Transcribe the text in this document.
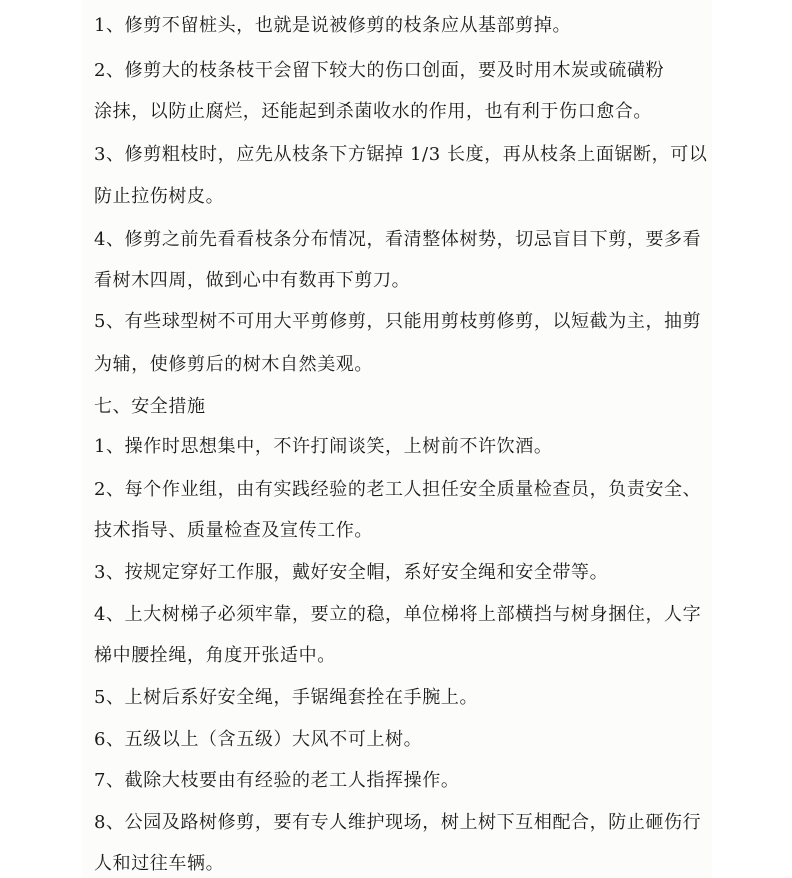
1、修剪不留桩头，也就是说被修剪的枝条应从基部剪掉。
2、修剪大的枝条枝干会留下较大的伤口创面，要及时用木炭或硫磺粉
涂抹，以防止腐烂，还能起到杀菌收水的作用，也有利于伤口愈合。
3、修剪粗枝时，应先从枝条下方锯掉 1/3 长度，再从枝条上面锯断，可以
防止拉伤树皮。
4、修剪之前先看看枝条分布情况，看清整体树势，切忌盲目下剪，要多看
看树木四周，做到心中有数再下剪刀。
5、有些球型树不可用大平剪修剪，只能用剪枝剪修剪，以短截为主，抽剪
为辅，使修剪后的树木自然美观。
七、安全措施
1、操作时思想集中，不许打闹谈笑，上树前不许饮酒。
2、每个作业组，由有实践经验的老工人担任安全质量检查员，负责安全、
技术指导、质量检查及宣传工作。
3、按规定穿好工作服，戴好安全帽，系好安全绳和安全带等。
4、上大树梯子必须牢靠，要立的稳，单位梯将上部横挡与树身捆住，人字
梯中腰拴绳，角度开张适中。
5、上树后系好安全绳，手锯绳套拴在手腕上。
6、五级以上（含五级）大风不可上树。
7、截除大枝要由有经验的老工人指挥操作。
8、公园及路树修剪，要有专人维护现场，树上树下互相配合，防止砸伤行
人和过往车辆。
